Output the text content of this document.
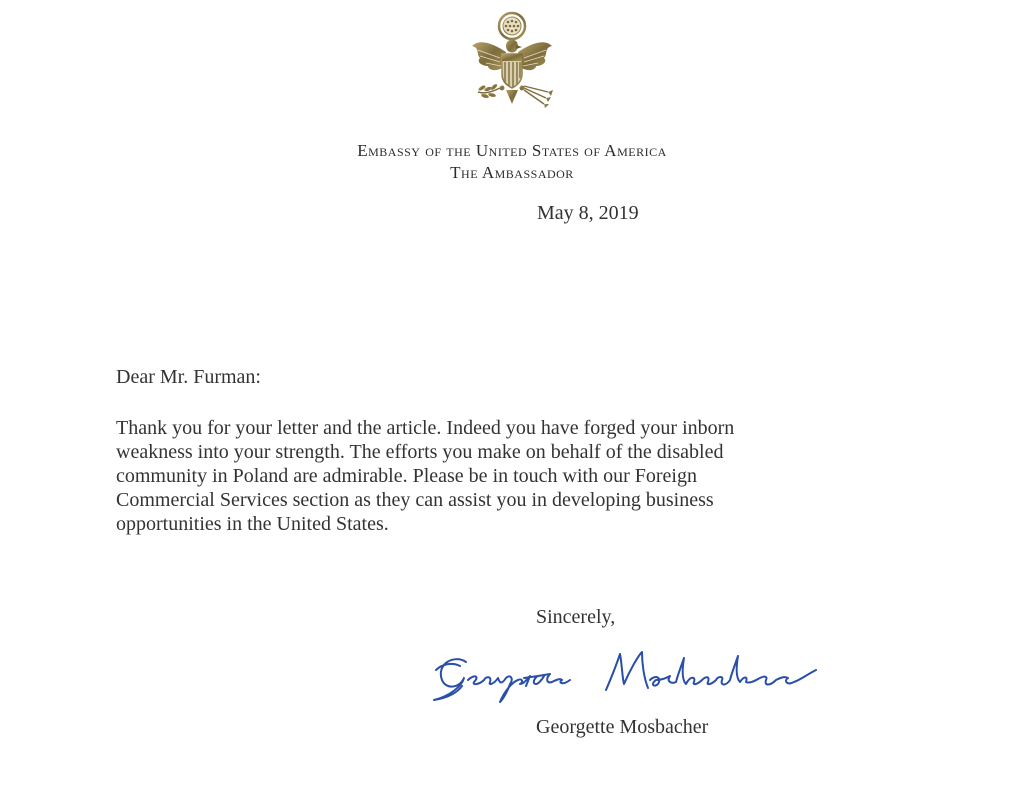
Embassy of the United States of America
The Ambassador
May 8, 2019
Dear Mr. Furman:
Thank you for your letter and the article. Indeed you have forged your inborn
weakness into your strength. The efforts you make on behalf of the disabled
community in Poland are admirable. Please be in touch with our Foreign
Commercial Services section as they can assist you in developing business
opportunities in the United States.
Sincerely,
Georgette Mosbacher
